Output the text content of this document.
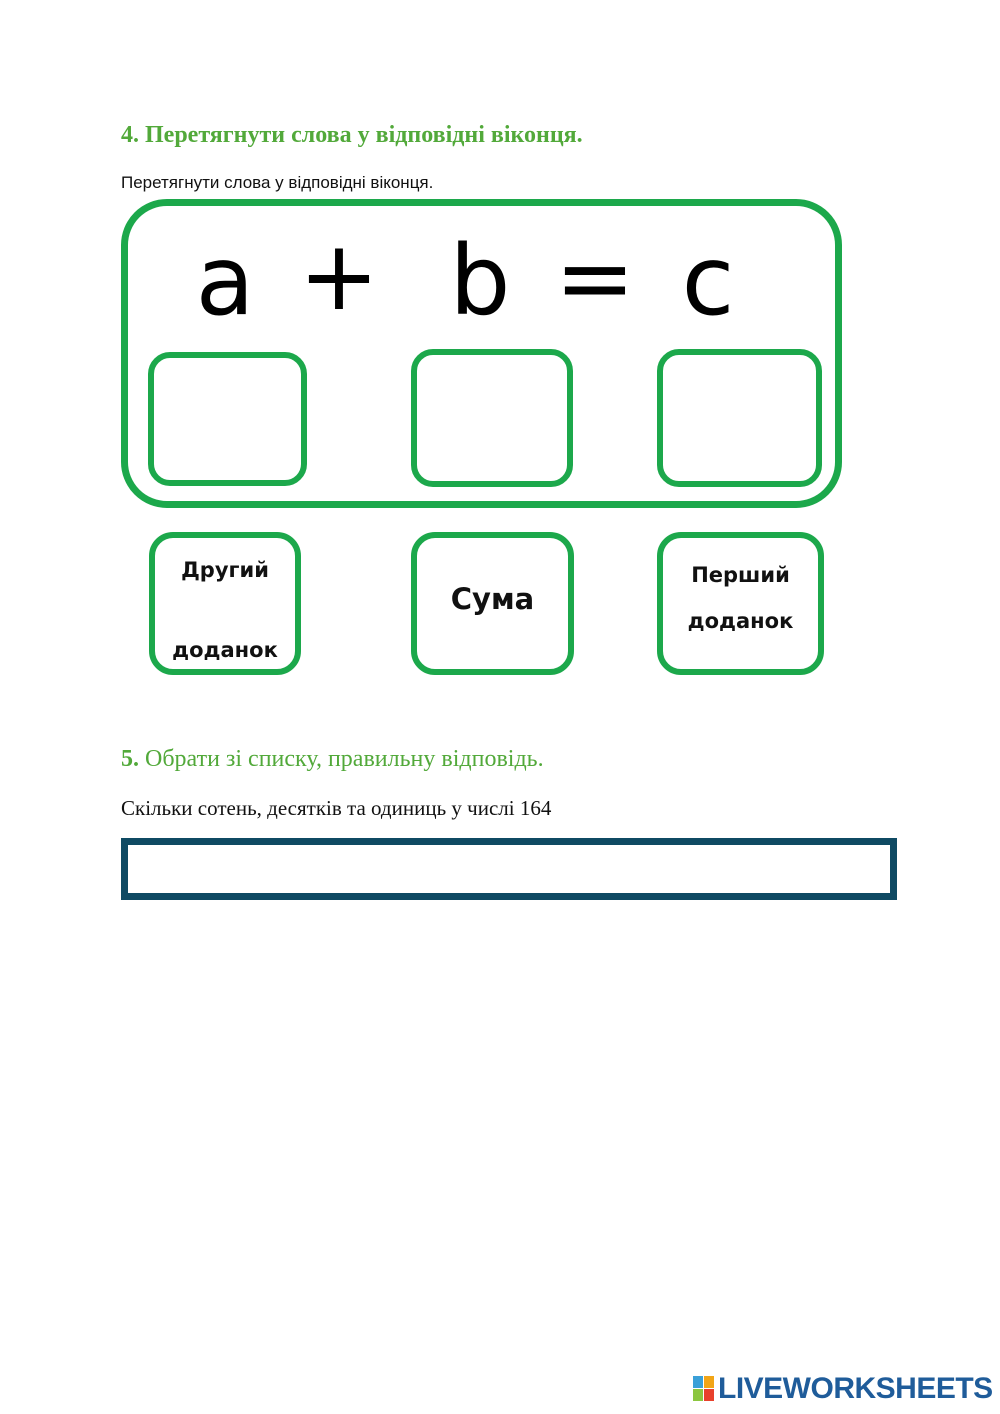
4. Перетягнути слова у відповідні віконця.
Перетягнути слова у відповідні віконця.
a + b = c
Другий
доданок
Сума
Перший
доданок
5. Обрати зі списку, правильну відповідь.
Скільки сотень, десятків та одиниць у числі 164
LIVEWORKSHEETS
